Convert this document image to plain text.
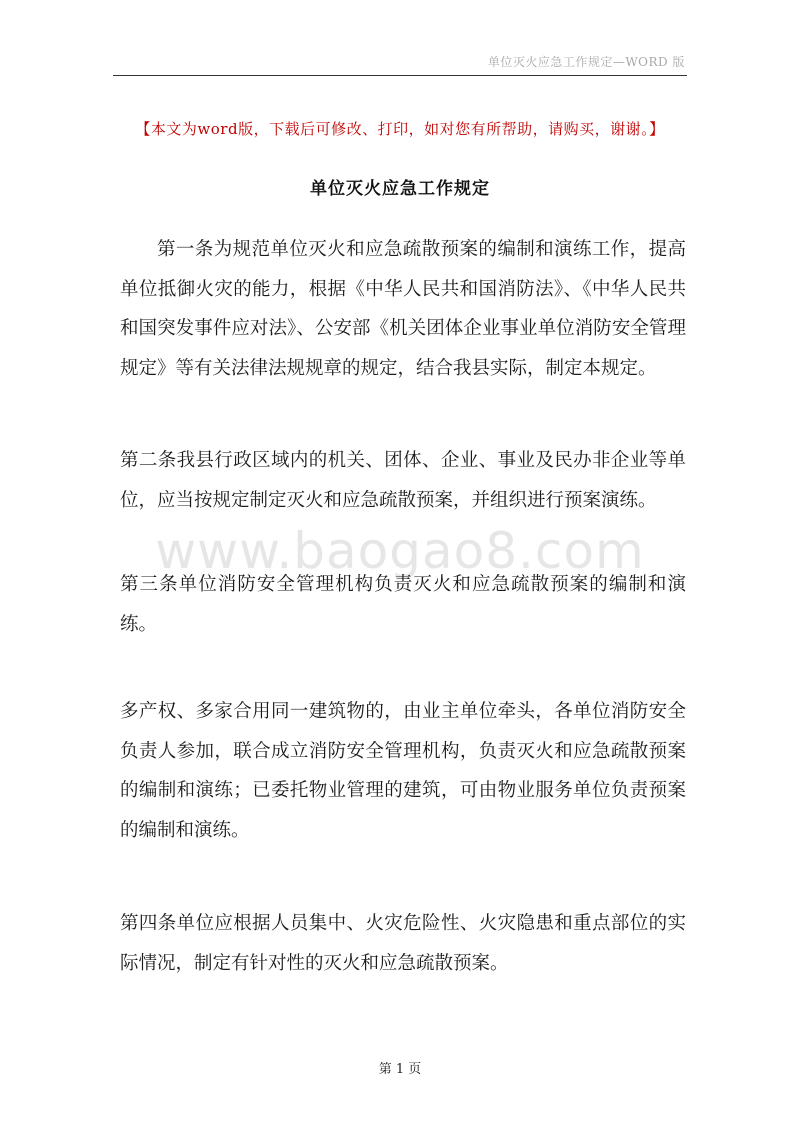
单位灭火应急工作规定—WORD 版
【本文为word版，下载后可修改、打印，如对您有所帮助，请购买，谢谢。】
单位灭火应急工作规定
第一条为规范单位灭火和应急疏散预案的编制和演练工作，提高单位抵御火灾的能力，根据《中华人民共和国消防法》、《中华人民共和国突发事件应对法》、公安部《机关团体企业事业单位消防安全管理规定》等有关法律法规规章的规定，结合我县实际，制定本规定。
第二条我县行政区域内的机关、团体、企业、事业及民办非企业等单位，应当按规定制定灭火和应急疏散预案，并组织进行预案演练。
www.baogao8.com
第三条单位消防安全管理机构负责灭火和应急疏散预案的编制和演练。
多产权、多家合用同一建筑物的，由业主单位牵头，各单位消防安全负责人参加，联合成立消防安全管理机构，负责灭火和应急疏散预案的编制和演练；已委托物业管理的建筑，可由物业服务单位负责预案的编制和演练。
第四条单位应根据人员集中、火灾危险性、火灾隐患和重点部位的实际情况，制定有针对性的灭火和应急疏散预案。
第 1 页
